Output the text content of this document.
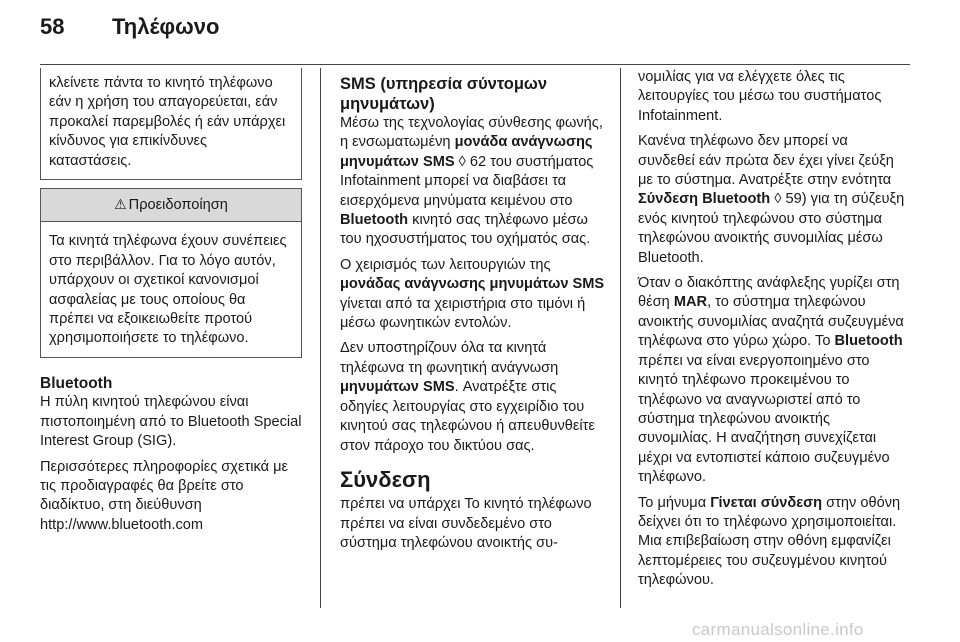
58 Τηλέφωνο
κλείνετε πάντα το κινητό τηλέφωνο εάν η χρήση του απαγορεύεται, εάν προκαλεί παρεμβολές ή εάν υπάρχει κίνδυνος για επικίνδυνες καταστάσεις.
⚠ Προειδοποίηση
Τα κινητά τηλέφωνα έχουν συνέπειες στο περιβάλλον. Για το λόγο αυτόν, υπάρχουν οι σχετικοί κανονισμοί ασφαλείας με τους οποίους θα πρέπει να εξοικειωθείτε προτού χρησιμοποιήσετε το τηλέφωνο.
Bluetooth

Η πύλη κινητού τηλεφώνου είναι πιστοποιημένη από το Bluetooth Special Interest Group (SIG).

Περισσότερες πληροφορίες σχετικά με τις προδιαγραφές θα βρείτε στο διαδίκτυο, στη διεύθυνση http://www.bluetooth.com

SMS (υπηρεσία σύντομων μηνυμάτων)

Μέσω της τεχνολογίας σύνθεσης φωνής, η ενσωματωμένη μονάδα ανάγνωσης μηνυμάτων SMS ◊ 62 του συστήματος Infotainment μπορεί να διαβάσει τα εισερχόμενα μηνύματα κειμένου στο Bluetooth κινητό σας τηλέφωνο μέσω του ηχοσυστήματος του οχήματός σας.

Ο χειρισμός των λειτουργιών της μονάδας ανάγνωσης μηνυμάτων SMS γίνεται από τα χειριστήρια στο τιμόνι ή μέσω φωνητικών εντολών.

Δεν υποστηρίζουν όλα τα κινητά τηλέφωνα τη φωνητική ανάγνωση μηνυμάτων SMS. Ανατρέξτε στις οδηγίες λειτουργίας στο εγχειρίδιο του κινητού σας τηλεφώνου ή απευθυνθείτε στον πάροχο του δικτύου σας.

Σύνδεση

πρέπει να υπάρχει Το κινητό τηλέφωνο πρέπει να είναι συνδεδεμένο στο σύστημα τηλεφώνου ανοικτής συ-

νομιλίας για να ελέγχετε όλες τις λειτουργίες του μέσω του συστήματος Infotainment.

Κανένα τηλέφωνο δεν μπορεί να συνδεθεί εάν πρώτα δεν έχει γίνει ζεύξη με το σύστημα. Ανατρέξτε στην ενότητα Σύνδεση Bluetooth ◊ 59) για τη σύζευξη ενός κινητού τηλεφώνου στο σύστημα τηλεφώνου ανοικτής συνομιλίας μέσω Bluetooth.

Όταν ο διακόπτης ανάφλεξης γυρίζει στη θέση MAR, το σύστημα τηλεφώνου ανοικτής συνομιλίας αναζητά συζευγμένα τηλέφωνα στο γύρω χώρο. Το Bluetooth πρέπει να είναι ενεργοποιημένο στο κινητό τηλέφωνο προκειμένου το τηλέφωνο να αναγνωριστεί από το σύστημα τηλεφώνου ανοικτής συνομιλίας. Η αναζήτηση συνεχίζεται μέχρι να εντοπιστεί κάποιο συζευγμένο τηλέφωνο.

Το μήνυμα Γίνεται σύνδεση στην οθόνη δείχνει ότι το τηλέφωνο χρησιμοποιείται. Μια επιβεβαίωση στην οθόνη εμφανίζει λεπτομέρειες του συζευγμένου κινητού τηλεφώνου.

carmanualsonline.info
